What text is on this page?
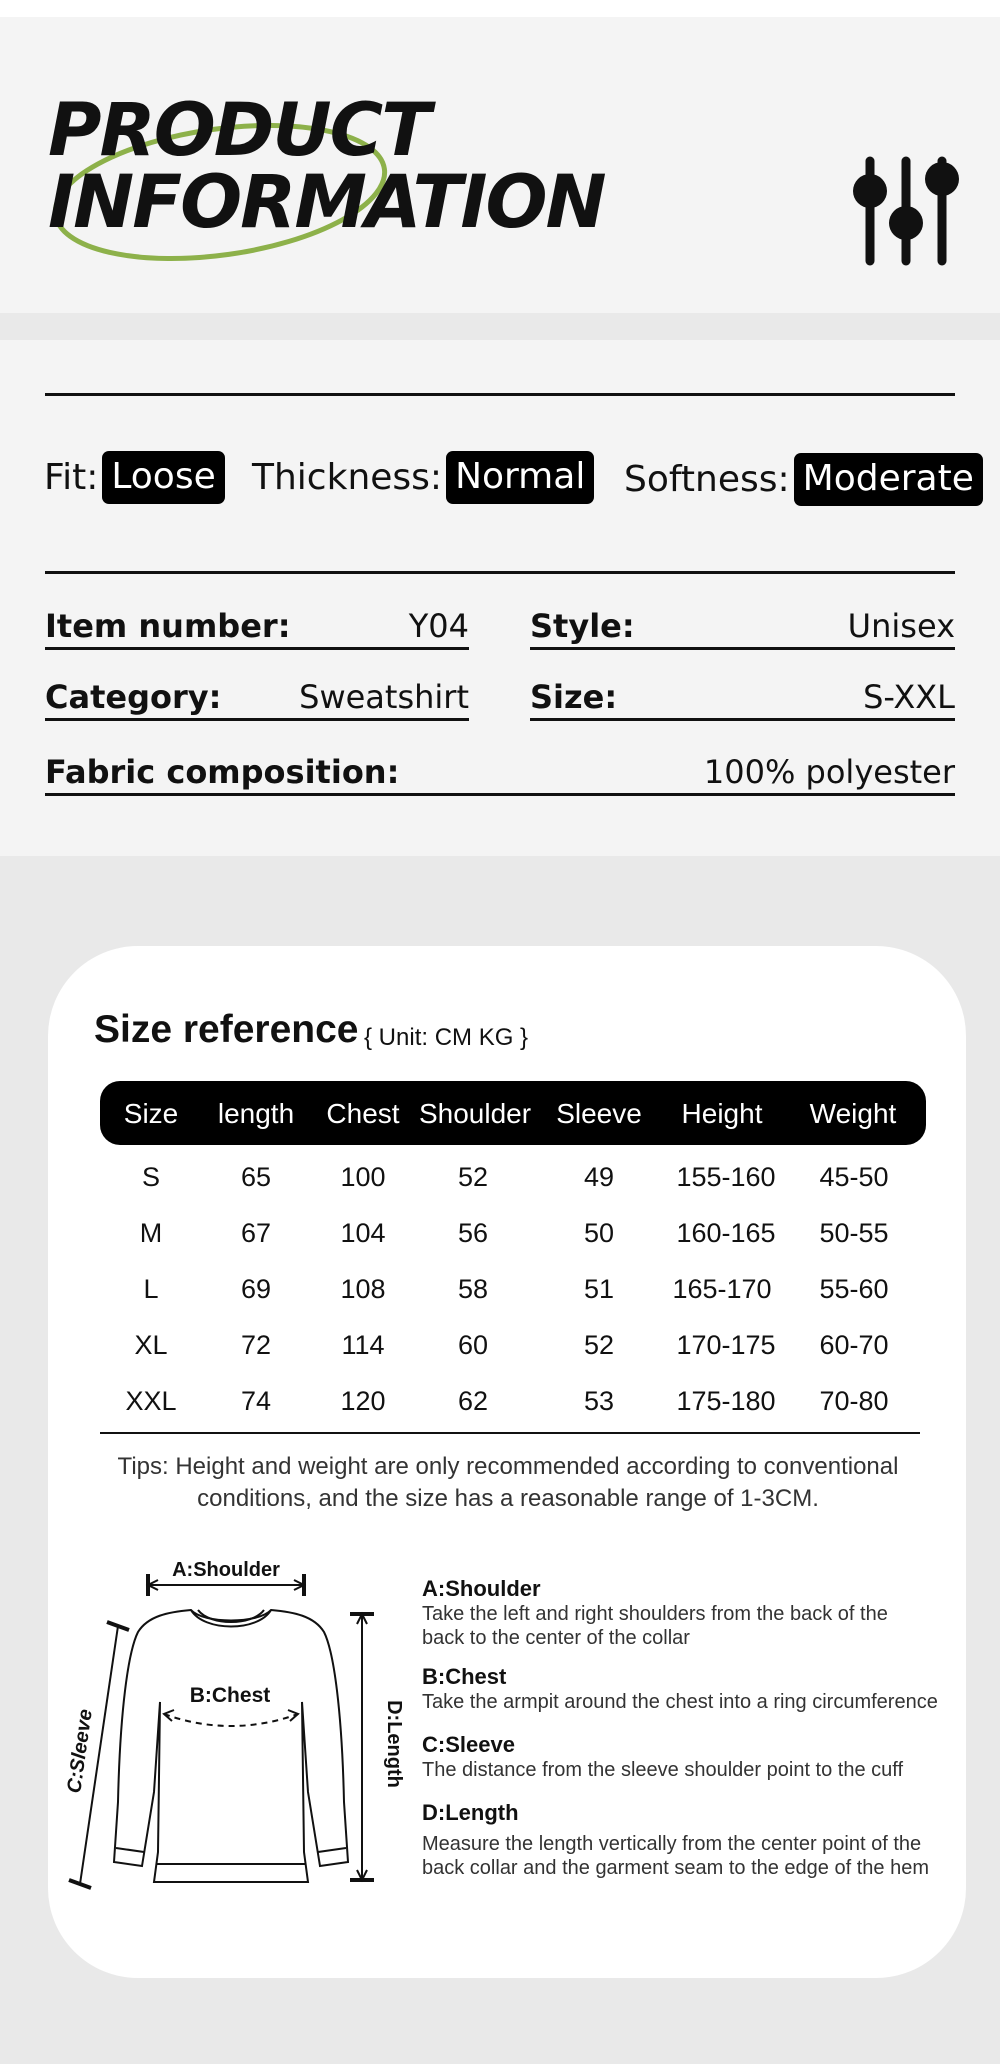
PRODUCT
INFORMATION
Fit: Loose Thickness: Normal Softness: Moderate
Item number:	Y04 Style:	Unisex
Category: Sweatshirt Size:	S-XXL
Fabric composition:	100% polyester
Size reference { Unit: CM KG }
Size length Chest Shoulder Sleeve Height Weight
S	65	100	52	49 155-160 45-50
M	67	104	56	50 160-165 50-55
L	69	108	58	51 165-170 55-60
XL	72	114	60	52 170-175 60-70
XXL 74	120	62	53 175-180 70-80
Tips: Height and weight are only recommended according to conventional conditions, and the size has a reasonable range of 1-3CM.
A:Shoulder
B:Chest
C:Sleeve	D:Length
A:Shoulder
Take the left and right shoulders from the back of the back to the center of the collar
B:Chest
Take the armpit around the chest into a ring circumference
C:Sleeve
The distance from the sleeve shoulder point to the cuff
D:Length
Measure the length vertically from the center point of the back collar and the garment seam to the edge of the hem
